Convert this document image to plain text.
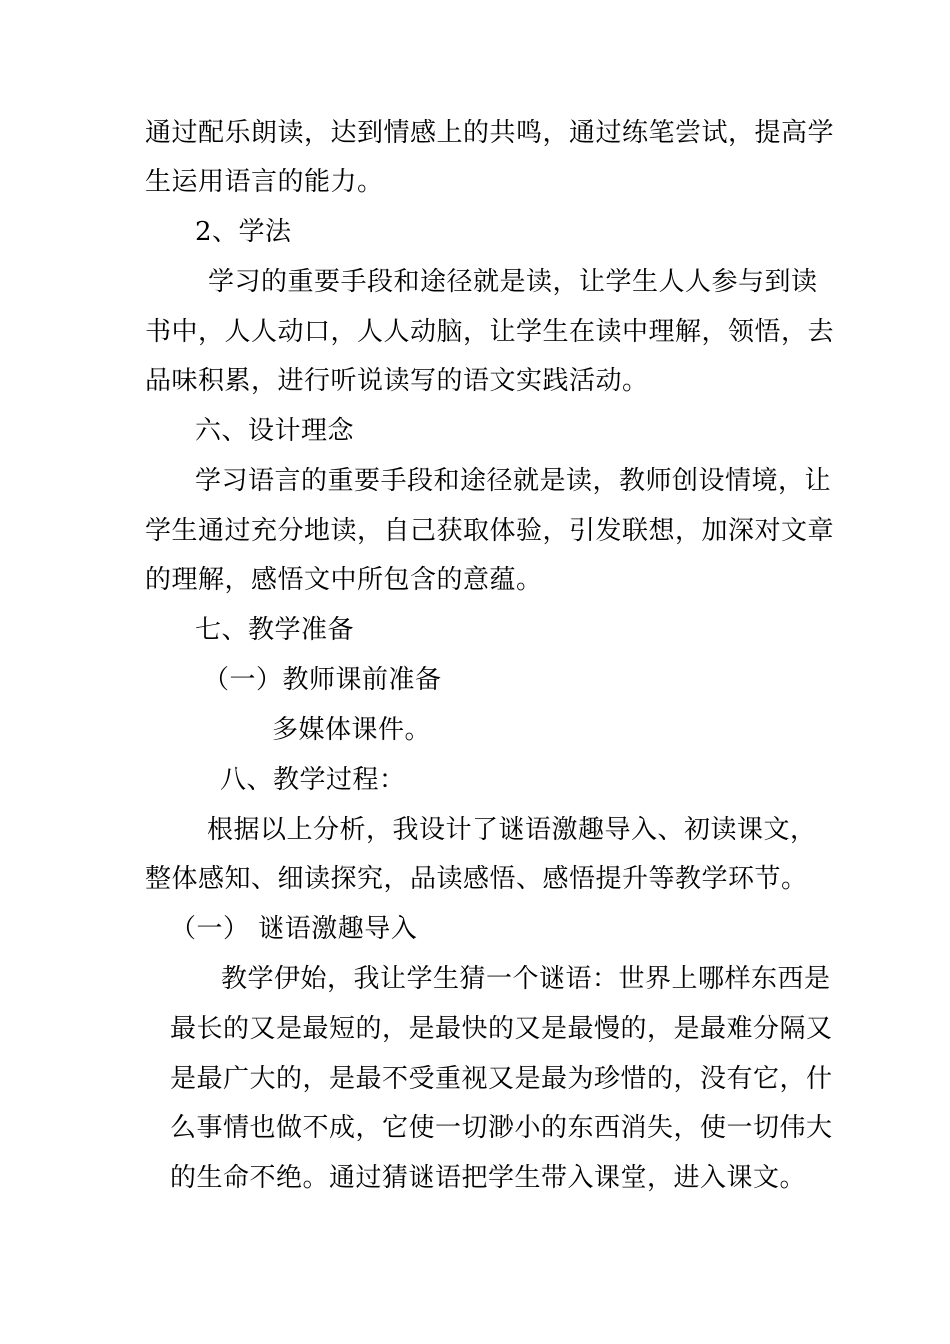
通过配乐朗读，达到情感上的共鸣，通过练笔尝试，提高学
生运用语言的能力。
2、学法
学习的重要手段和途径就是读，让学生人人参与到读
书中，人人动口，人人动脑，让学生在读中理解，领悟，去
品味积累，进行听说读写的语文实践活动。
六、设计理念
学习语言的重要手段和途径就是读，教师创设情境，让
学生通过充分地读，自己获取体验，引发联想，加深对文章
的理解，感悟文中所包含的意蕴。
七、教学准备
（一）教师课前准备
多媒体课件。
八、教学过程：
根据以上分析，我设计了谜语激趣导入、初读课文，
整体感知、细读探究，品读感悟、感悟提升等教学环节。
（一） 谜语激趣导入
教学伊始，我让学生猜一个谜语：世界上哪样东西是
最长的又是最短的，是最快的又是最慢的，是最难分隔又
是最广大的，是最不受重视又是最为珍惜的，没有它，什
么事情也做不成，它使一切渺小的东西消失，使一切伟大
的生命不绝。通过猜谜语把学生带入课堂，进入课文。
